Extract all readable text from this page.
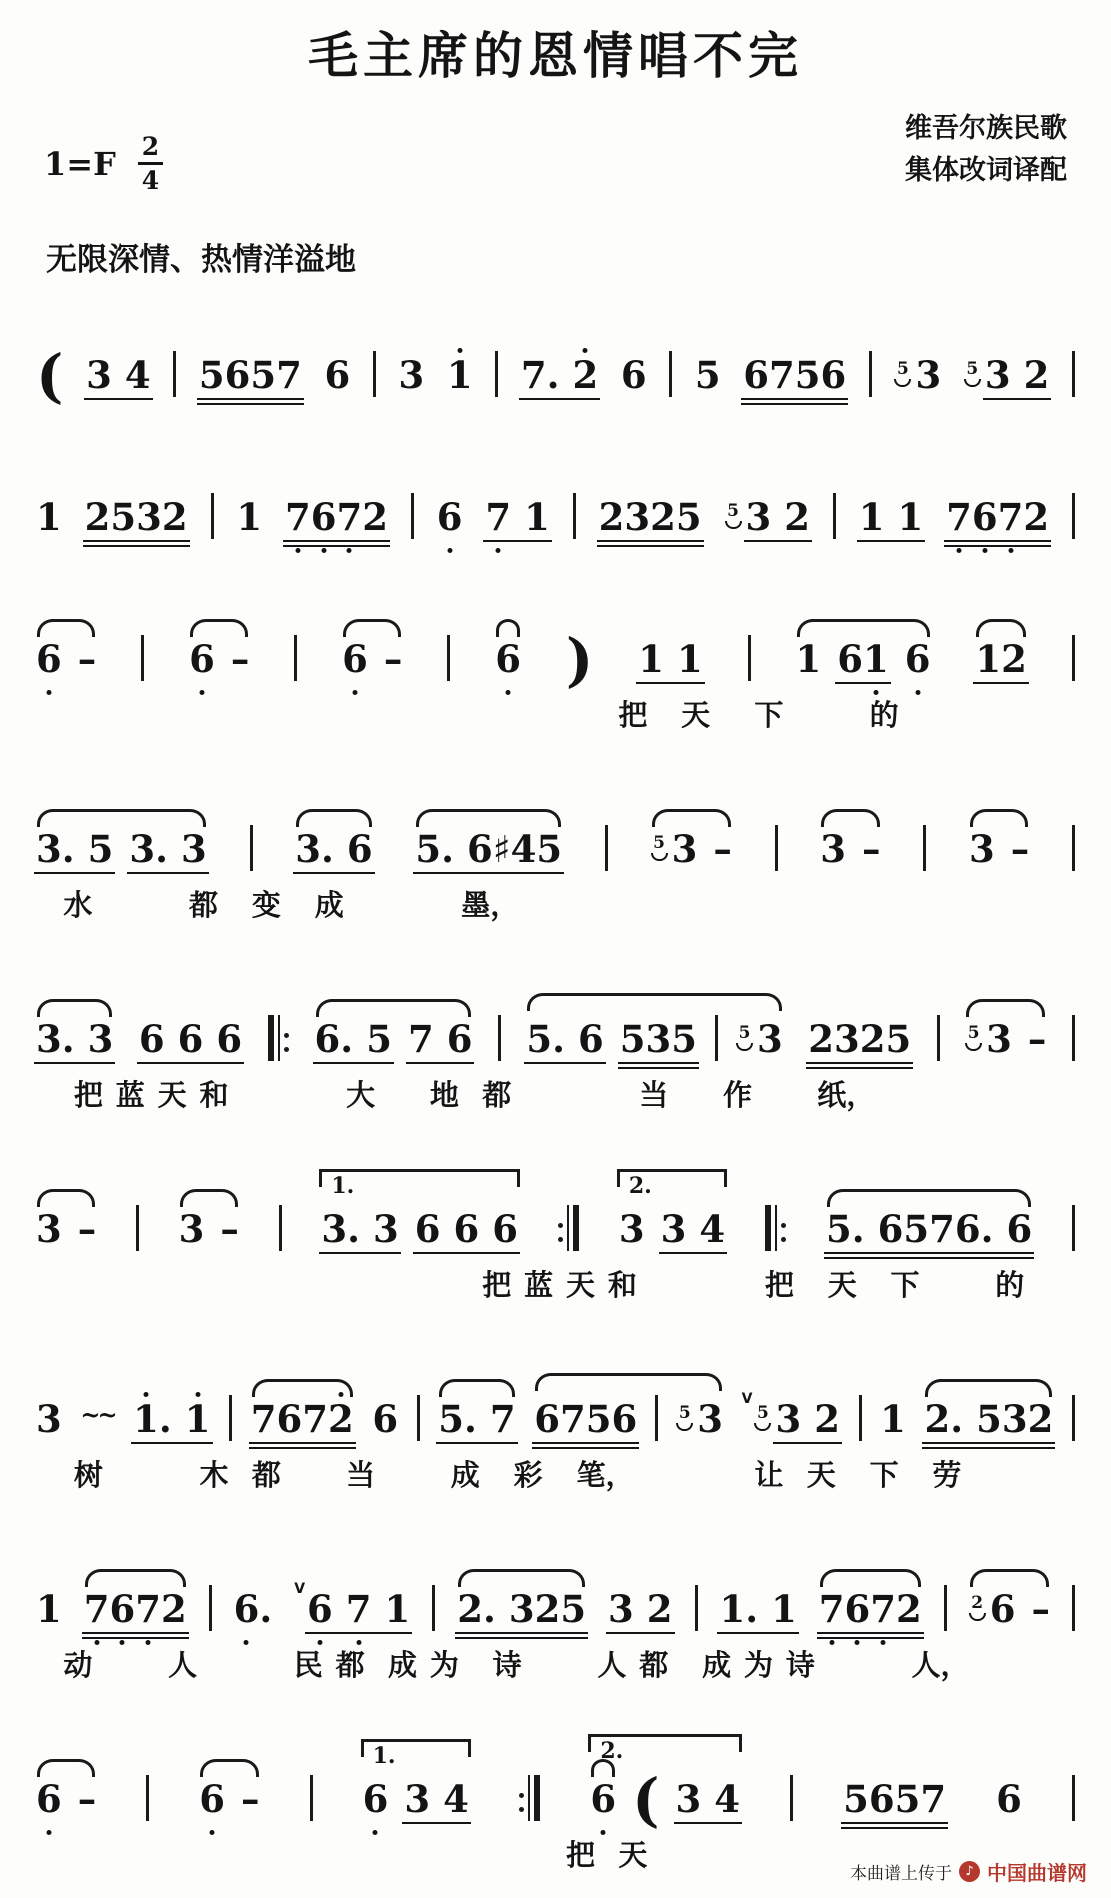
毛主席的恩情唱不完
$1=F \frac{2}{4}$
维吾尔族民歌
集体改词译配
无限深情、热情洋溢地
( 3 4 5 6 5 7 6 3 1 7 . 2 6 5 6 7 5 6	5 3 5 3 2
1 2 5 3 2 1 7 6 7 2 6 7 1 2 3 2 5 5 3 2 1 1 7 6 7 2
6 –	6 –	6 –	6 ) 1 1	1 6 1 6 1 2
把 天 下	的
3 . 5 3 . 3 3 . 6 5 . 6 ♯ 4 5	5 3 – 3 – 3 –
水	都 变 成	墨，
3 . 3 6 6 6 6 . 5 7 6 5 . 6 5 3 5 5 3 2 3 2 5	5 3 –
把 蓝 天 和	大 地 都	当 作 纸，
3 – 3 –
1.
3 . 3 6 6 6
2.
3 3 4	5 . 6 5 7 6 . 6
把 蓝 天 和	把 天 下	的
3 ~~ 1 . 1 7 6 7 2 6 5 . 7 6 7 5 6 5 3 V
5 3 2 1 2 . 5 3 2
树	木 都 当	成 彩 笔，	让 天 下 劳
1 7 6 7 2 6 . V 6 7 1 2 . 3 2 5 3 2 1 . 1 7 6 7 2	2 6 –
动	人	民 都 成 为 诗	人 都 成 为 诗	人，
6 –	6 –
1.
6 3 4
2.
6 ( 3 4	5 6 5 7 6
把 天
本曲谱上传于	♪ 中国曲谱网
